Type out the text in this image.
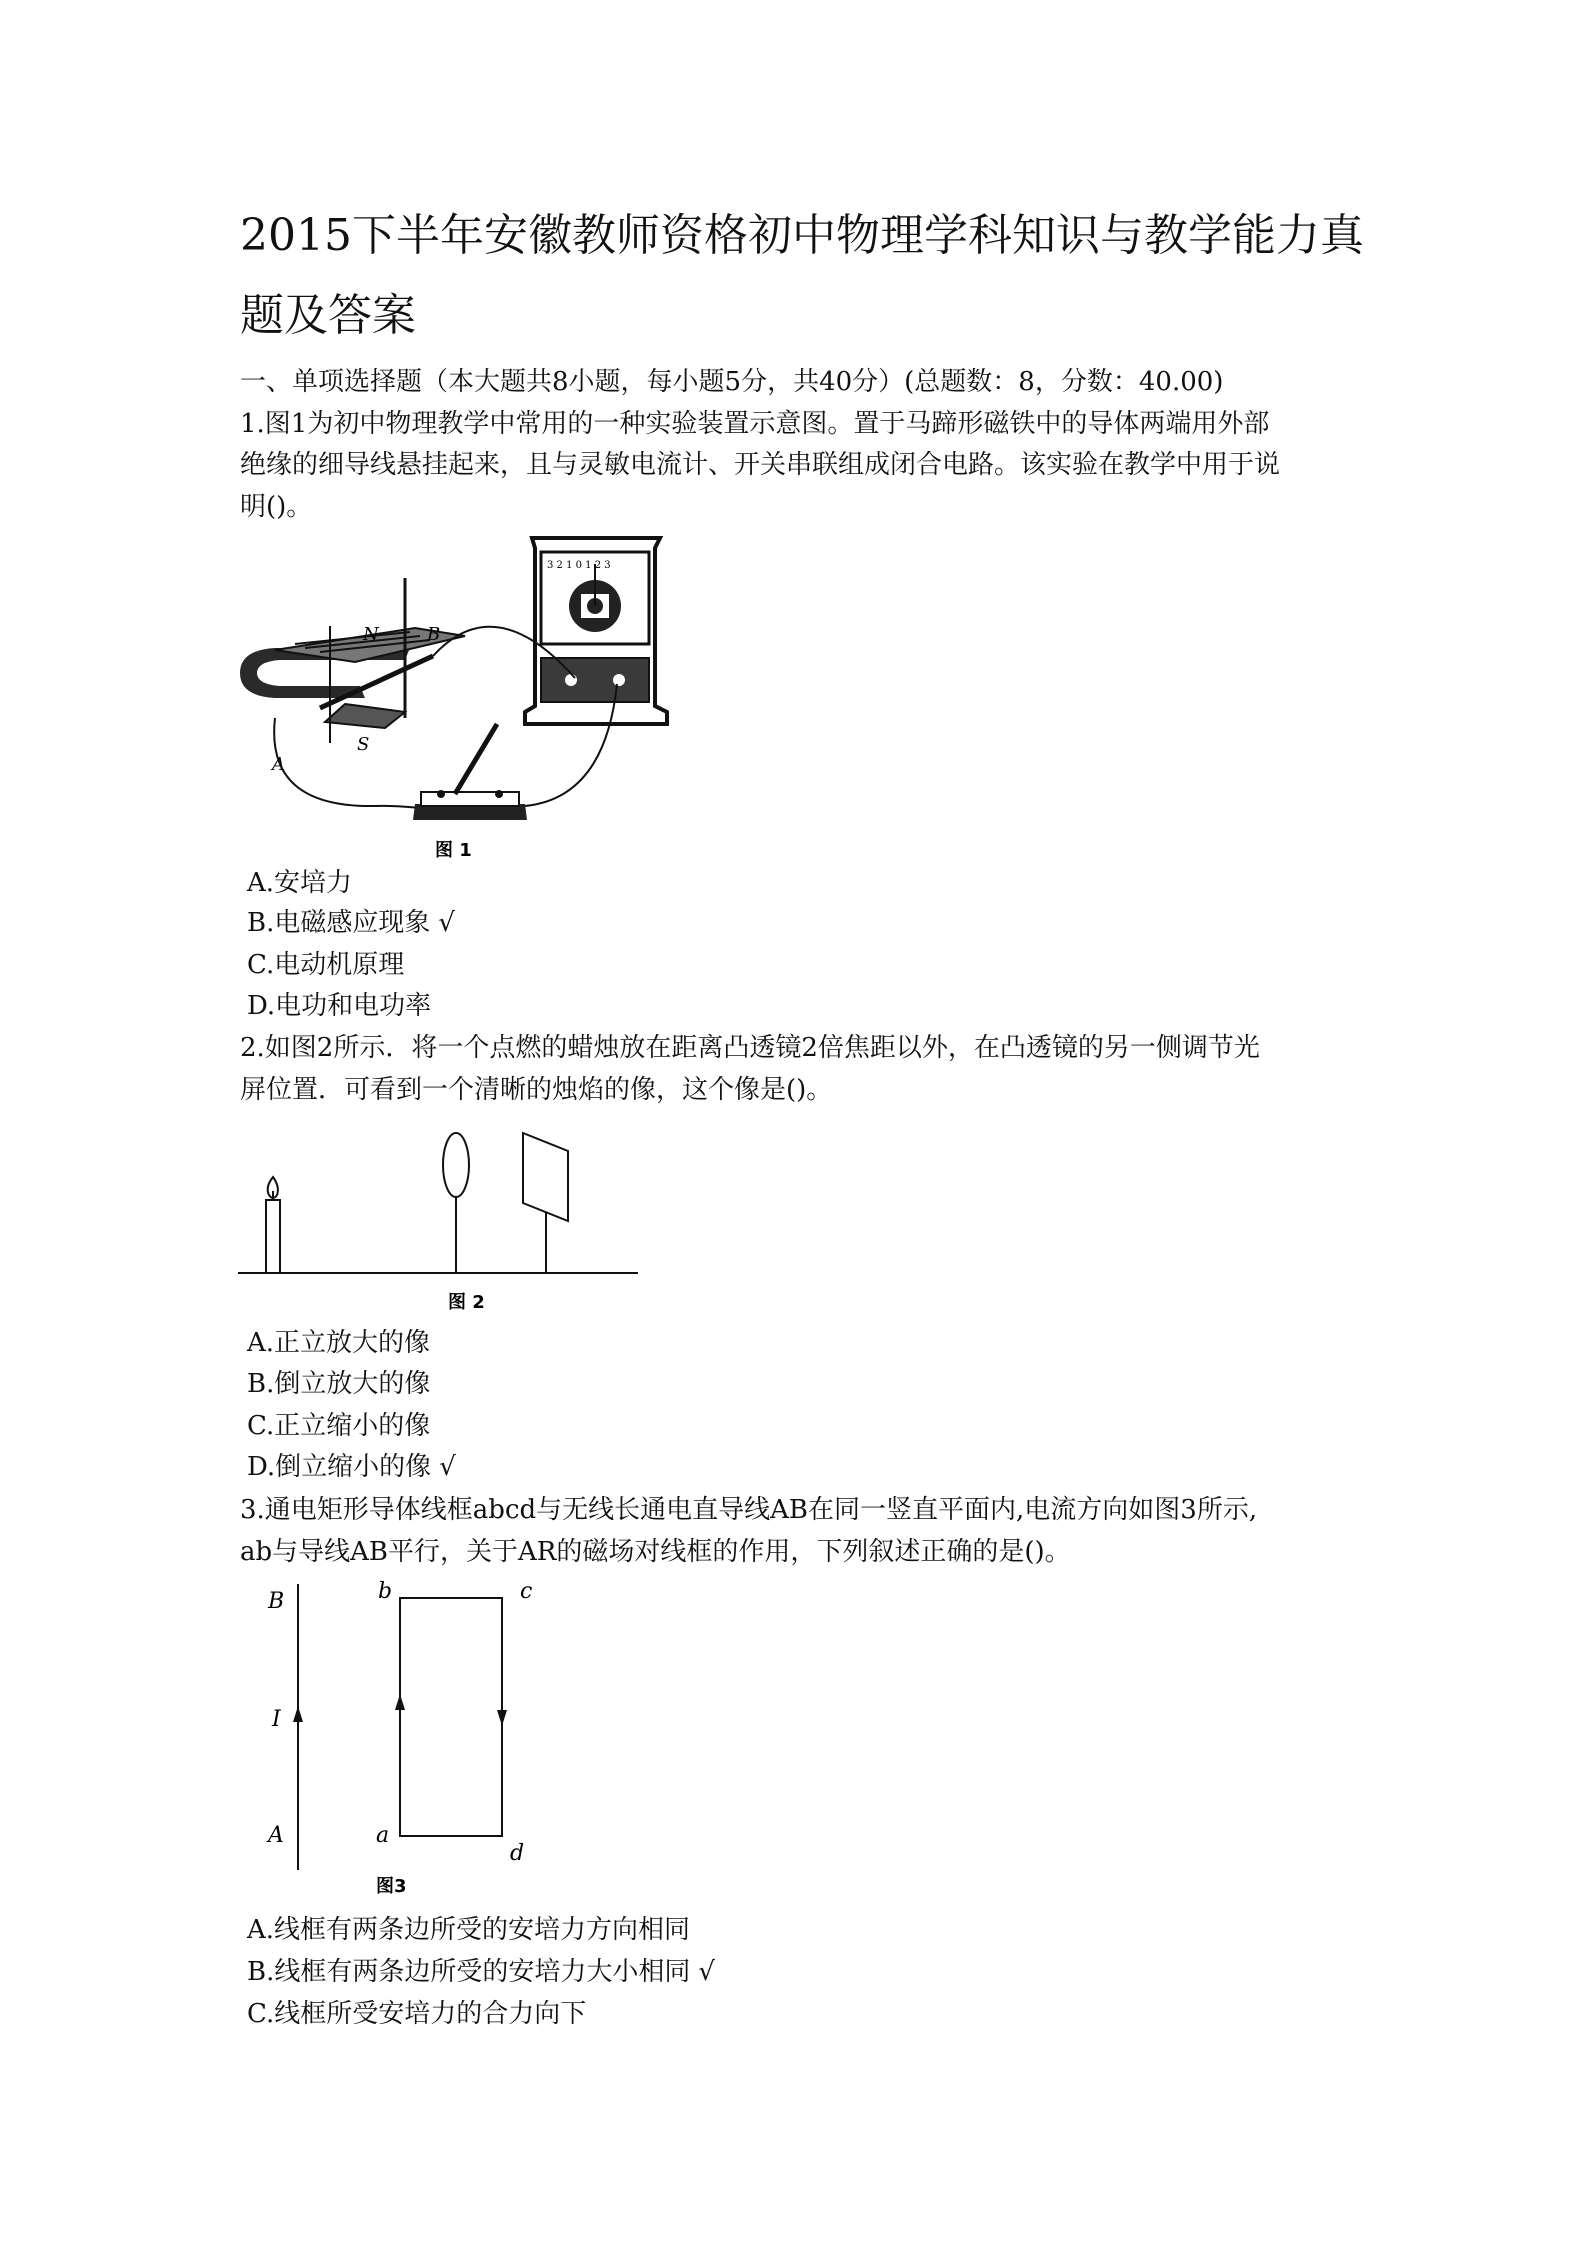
2015下半年安徽教师资格初中物理学科知识与教学能力真
题及答案
一、单项选择题（本大题共8小题，每小题5分，共40分）(总题数：8，分数：40.00)
1.图1为初中物理教学中常用的一种实验装置示意图。置于马蹄形磁铁中的导体两端用外部
绝缘的细导线悬挂起来，且与灵敏电流计、开关串联组成闭合电路。该实验在教学中用于说
明()。
N	B
A
S
3 2 1 0 1 2 3
图 1
A.安培力
B.电磁感应现象 √
C.电动机原理
D.电功和电功率
2.如图2所示．将一个点燃的蜡烛放在距离凸透镜2倍焦距以外，在凸透镜的另一侧调节光
屏位置．可看到一个清晰的烛焰的像，这个像是()。
图 2
A.正立放大的像
B.倒立放大的像
C.正立缩小的像
D.倒立缩小的像 √
3.通电矩形导体线框abcd与无线长通电直导线AB在同一竖直平面内,电流方向如图3所示,
ab与导线AB平行，关于AR的磁场对线框的作用，下列叙述正确的是()。
B
I
A
b	c
a
d
图3
A.线框有两条边所受的安培力方向相同
B.线框有两条边所受的安培力大小相同 √
C.线框所受安培力的合力向下
